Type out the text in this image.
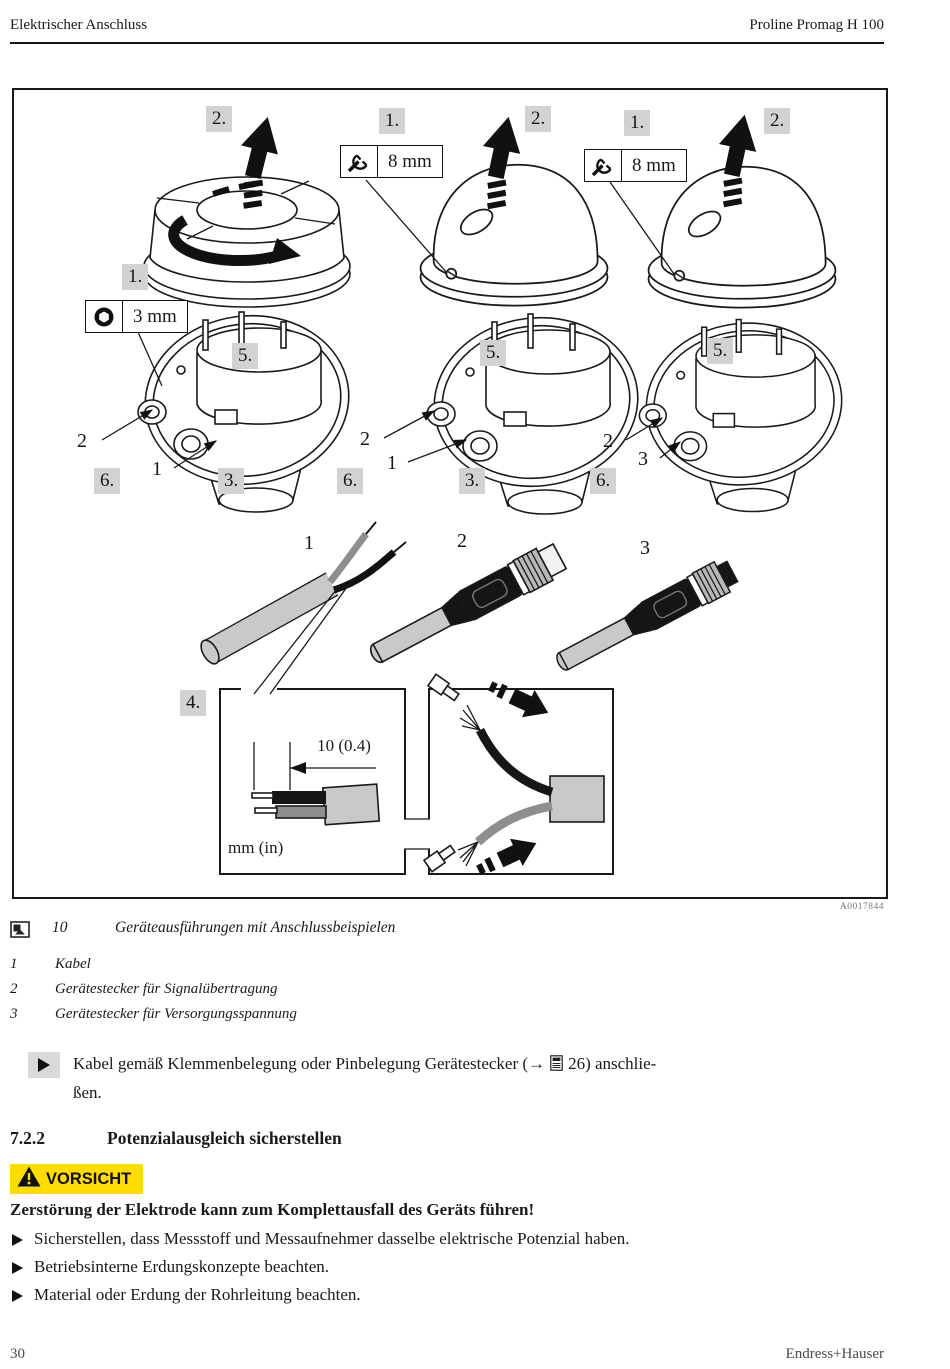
Elektrischer Anschluss	Proline Promag H 100
2.	1.	2.	1.	2.
1.
5.
6.	3.
5.
6.	3.
5.
6.
4.
2
1
2
1
2
3
1	2	3
8 mm	8 mm
3 mm
10 (0.4)
mm (in)
A0017844
10	Geräteausführungen mit Anschlussbeispielen
1	Kabel
2	Gerätestecker für Signalübertragung
3	Gerätestecker für Versorgungsspannung
Kabel gemäß Klemmenbelegung oder Pinbelegung Gerätestecker (→ 26) anschlie-
ßen.
7.2.2	Potenzialausgleich sicherstellen
VORSICHT
Zerstörung der Elektrode kann zum Komplettausfall des Geräts führen!
Sicherstellen, dass Messstoff und Messaufnehmer dasselbe elektrische Potenzial haben.
Betriebsinterne Erdungskonzepte beachten.
Material oder Erdung der Rohrleitung beachten.
30	Endress+Hauser
